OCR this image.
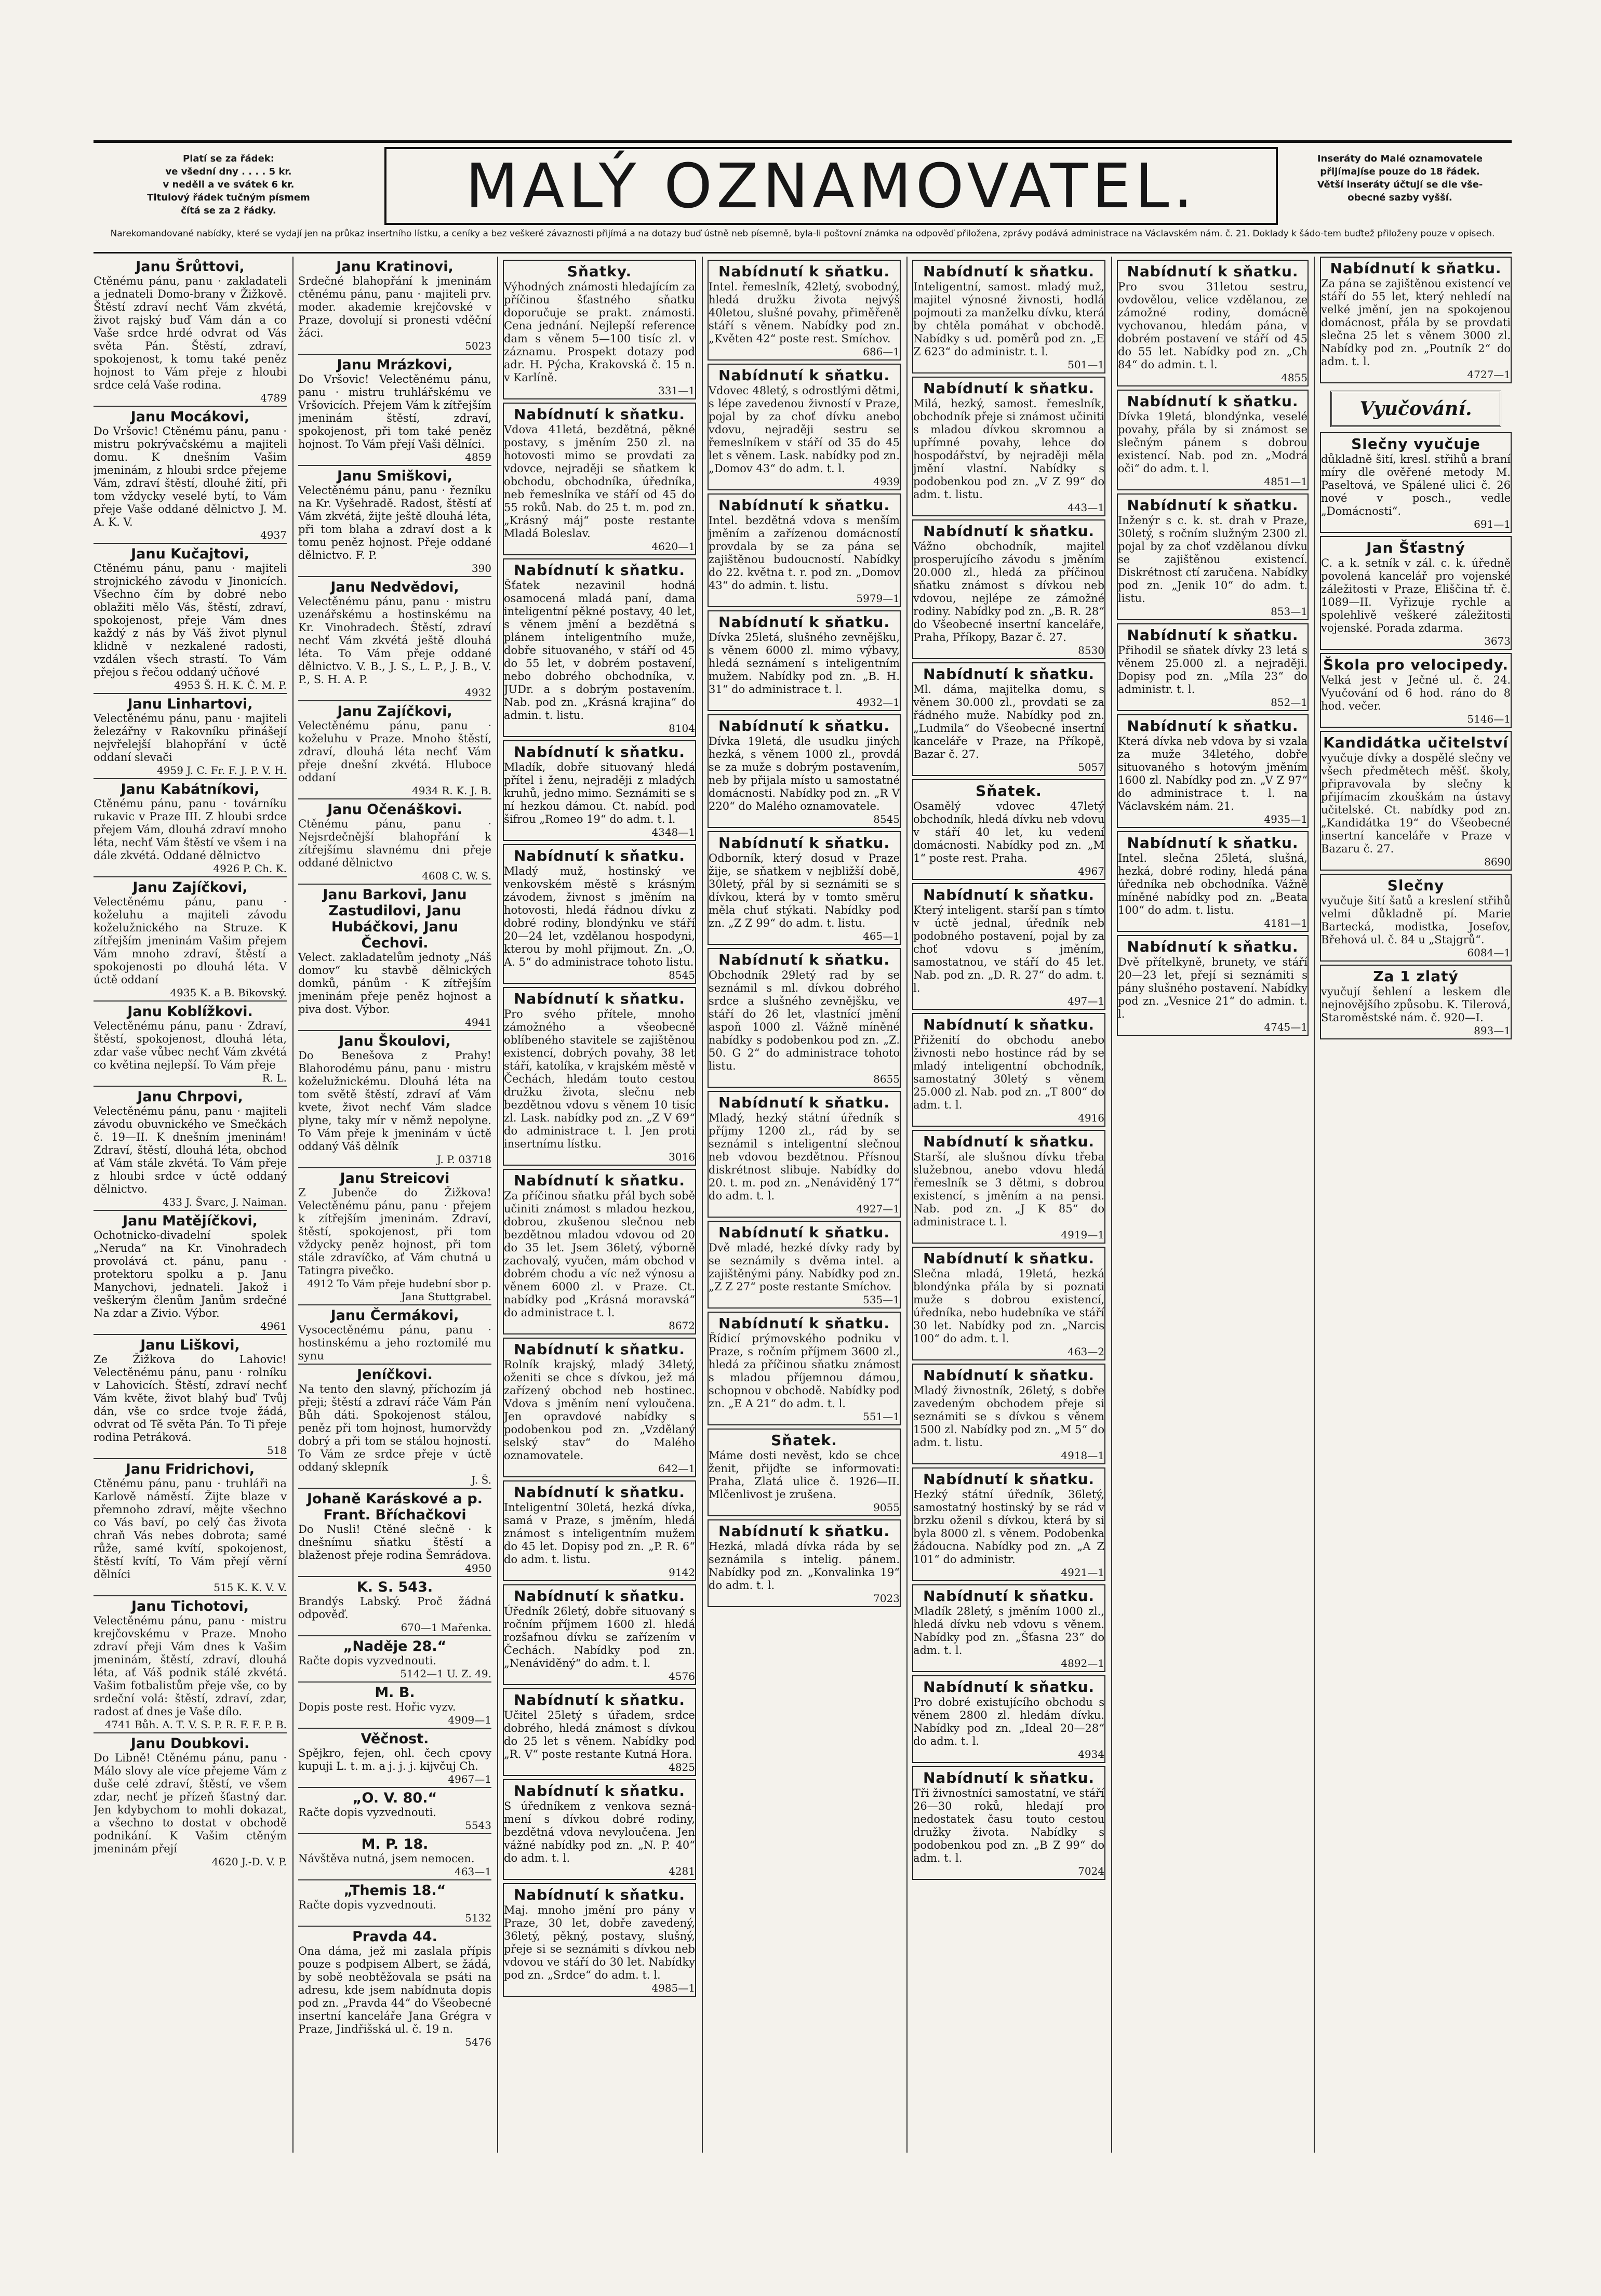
Platí se za řádek:
ve všední dny . . . . 5 kr.
v neděli a ve svátek 6 kr.
Titulový řádek tučným písmem
čítá se za 2 řádky.	MALÝ OZNAMOVATEL.	Inseráty do Malé oznamovatele
přijímajíse pouze do 18 řádek.
Větší inseráty účtují se dle vše-
obecné sazby vyšší.
Narekomandované nabídky, které se vydají jen na průkaz insertního lístku, a ceníky a bez veškeré závaznosti přijímá a na dotazy buď ústně neb písemně, byla-li poštovní známka na odpověď přiložena, zprávy podává administrace na Václavském nám. č. 21. Doklady k šádo-tem buďtež přiloženy pouze v opisech.
Janu Šrůttovi,
Ctěnému pánu, panu · zakladateli a jednateli Domo-brany v Žižkově. Štěstí zdraví nechť Vám zkvétá, život rajský buď Vám dán a co Vaše srdce hrdé odvrat od Vás světa Pán. Štěstí, zdraví, spokojenost, k tomu také peněz hojnost to Vám přeje z hloubi srdce celá Vaše rodina.
4789
Janu Mocákovi,
Do Vršovic! Ctěnému pánu, panu · mistru pokrývačskému a majiteli domu. K dnešním Vašim jmeninám, z hloubi srdce přejeme Vám, zdraví štěstí, dlouhé žití, při tom vždycky veselé bytí, to Vám přeje Vaše oddané dělnictvo J. M. A. K. V.
4937
Janu Kučajtovi,
Ctěnému pánu, panu · majiteli strojnického závodu v Jinonicích. Všechno čím by dobré nebo oblažiti mělo Vás, štěstí, zdraví, spokojenost, přeje Vám dnes každý z nás by Váš život plynul klidně v nezkalené radosti, vzdálen všech strastí. To Vám přejou s řečou oddaný učňové
4953 Š. H. K. Č. M. P.
Janu Linhartovi,
Velectěnému pánu, panu · majiteli železářny v Rakovníku přinášejí nejvřelejší blahopřání v úctě oddaní slevači
4959 J. C. Fr. F. J. P. V. H.
Janu Kabátníkovi,
Ctěnému pánu, panu · továrníku rukavic v Praze III. Z hloubi srdce přejem Vám, dlouhá zdraví mnoho léta, nechť Vám štěstí ve všem i na dále zkvétá. Oddané dělnictvo
4926 P. Ch. K.
Janu Zajíčkovi,
Velectěnému pánu, panu · koželuhu a majiteli závodu koželužnického na Struze. K zítřejším jmeninám Vašim přejem Vám mnoho zdraví, štěstí a spokojenosti po dlouhá léta. V úctě oddaní
4935 K. a B. Bikovský.
Janu Koblížkovi.
Velectěnému pánu, panu · Zdraví, štěstí, spokojenost, dlouhá léta, zdar vaše vůbec nechť Vám zkvétá co květina nejlepší. To Vám přeje
R. L.
Janu Chrpovi,
Velectěnému pánu, panu · majiteli závodu obuvnického ve Smečkách č. 19—II. K dnešním jmeninám! Zdraví, štěstí, dlouhá léta, obchod ať Vám stále zkvétá. To Vám přeje z hloubi srdce v úctě oddaný dělnictvo.
433 J. Švarc, J. Naiman.
Janu Matějíčkovi,
Ochotnicko-divadelní spolek „Neruda“ na Kr. Vinohradech provolává ct. pánu, panu · protektoru spolku a p. Janu Manychovi, jednateli. Jakož i veškerým členům Janům srdečné Na zdar a Zivio. Výbor.
4961
Janu Liškovi,
Ze Žižkova do Lahovic! Velectěnému pánu, panu · rolníku v Lahovicích. Štěstí, zdraví nechť Vám květe, život blahý buď Tvůj dán, vše co srdce tvoje žádá, odvrat od Tě světa Pán. To Ti přeje rodina Petráková.
518
Janu Fridrichovi,
Ctěnému pánu, panu · truhláři na Karlově náměstí. Žijte blaze v přemnoho zdraví, mějte všechno co Vás baví, po celý čas života chraň Vás nebes dobrota; samé růže, samé kvítí, spokojenost, štěstí kvítí, To Vám přejí věrní dělníci
515 K. K. V. V.
Janu Tichotovi,
Velectěnému pánu, panu · mistru krejčovskému v Praze. Mnoho zdraví přeji Vám dnes k Vašim jmeninám, štěstí, zdraví, dlouhá léta, ať Váš podnik stálé zkvétá. Vašim fotbalistům přeje vše, co by srdeční volá: štěstí, zdraví, zdar, radost ať dnes je Vaše dílo.
4741 Bůh. A. T. V. S. P. R. F. F. P. B.
Janu Doubkovi.
Do Libně! Ctěnému pánu, panu · Málo slovy ale více přejeme Vám z duše celé zdraví, štěstí, ve všem zdar, nechť je přízeň šťastný dar. Jen kdybychom to mohli dokazat, a všechno to dostat v obchodě podnikání. K Vašim ctěným jmeninám přejí
4620 J.-D. V. P.
Janu Kratinovi,
Srdečné blahopřání k jmeninám ctěnému pánu, panu · majiteli prv. moder. akademie krejčovské v Praze, dovolují si pronesti vděční žáci.
5023
Janu Mrázkovi,
Do Vršovic! Velectěnému pánu, panu · mistru truhlářskému ve Vršovicích. Přejem Vám k zítřejším jmeninám štěstí, zdraví, spokojenost, při tom také peněz hojnost. To Vám přejí Vaši dělníci.
4859
Janu Smiškovi,
Velectěnému pánu, panu · řezníku na Kr. Vyšehradě. Radost, štěstí ať Vám zkvétá, žijte ještě dlouhá léta, při tom blaha a zdraví dost a k tomu peněz hojnost. Přeje oddané dělnictvo. F. P.
390
Janu Nedvědovi,
Velectěnému pánu, panu · mistru uzenářskému a hostinskému na Kr. Vinohradech. Štěstí, zdraví nechť Vám zkvétá ještě dlouhá léta. To Vám přeje oddané dělnictvo. V. B., J. S., L. P., J. B., V. P., S. H. A. P.
4932
Janu Zajíčkovi,
Velectěnému pánu, panu · koželuhu v Praze. Mnoho štěstí, zdraví, dlouhá léta nechť Vám přeje dnešní zkvétá. Hluboce oddaní
4934 R. K. J. B.
Janu Očenáškovi.
Ctěnému pánu, panu · Nejsrdečnější blahopřání k zítřejšímu slavnému dni přeje oddané dělnictvo
4608 C. W. S.
Janu Barkovi, Janu Zastudilovi, Janu Hubáčkovi, Janu Čechovi.
Velect. zakladatelům jednoty „Náš domov“ ku stavbě dělnických domků, pánům · K zítřejším jmeninám přeje peněz hojnost a piva dost. Výbor.
4941
Janu Škoulovi,
Do Benešova z Prahy! Blahorodému pánu, panu · mistru koželužnickému. Dlouhá léta na tom světě štěstí, zdraví ať Vám kvete, život nechť Vám sladce plyne, taky mír v němž nepolyne. To Vám přeje k jmeninám v úctě oddaný Váš dělník
J. P. 03718
Janu Streicovi
Z Jubenče do Žižkova! Velectěnému pánu, panu · přejem k zítřejším jmeninám. Zdraví, štěstí, spokojenost, při tom vždycky peněz hojnost, při tom stále zdravíčko, ať Vám chutná u Tatingra pivečko.
4912 To Vám přeje hudební sbor p. Jana Stuttgrabel.
Janu Čermákovi,
Vysocectěnému pánu, panu · hostinskému a jeho roztomilé mu synu
Jeníčkovi.
Na tento den slavný, příchozím já přeji; štěstí a zdraví ráče Vám Pán Bůh dáti. Spokojenost stálou, peněz při tom hojnost, humorvždy dobrý a při tom se stálou hojností. To Vám ze srdce přeje v úctě oddaný sklepník
J. Š.
Johaně Karáskové a p. Frant. Bříchačkovi
Do Nusli! Ctěné slečně · k dnešnímu sňatku štěstí a blaženost přeje rodina Šemrádova.
4950
K. S. 543.
Brandýs Labský. Proč žádná odpověď.
670—1 Mařenka.
„Naděje 28.“
Račte dopis vyzvednouti.
5142—1 U. Z. 49.
M. B.
Dopis poste rest. Hořic vyzv.
4909—1
Věčnost.
Spějkro, fejen, ohl. čech cpovy kupuji L. t. m. a j. j. j. kijvčuj Ch.
4967—1
„O. V. 80.“
Račte dopis vyzvednouti.
5543
M. P. 18.
Návštěva nutná, jsem nemocen.
463—1
„Themis 18.“
Račte dopis vyzvednouti.
5132
Pravda 44.
Ona dáma, jež mi zaslala přípis pouze s podpisem Albert, se žádá, by sobě neobtěžovala se psáti na adresu, kde jsem nabídnuta dopis pod zn. „Pravda 44“ do Všeobecné insertní kanceláře Jana Grégra v Praze, Jindřišská ul. č. 19 n.
5476
Sňatky.
Výhodných známosti hledajícím za příčinou šťastného sňatku doporučuje se prakt. známosti. Cena jednání. Nejlepší reference dam s věnem 5—100 tisíc zl. v záznamu. Prospekt dotazy pod adr. H. Pýcha, Krakovská č. 15 n. v Karlíně.
331—1
Nabídnutí k sňatku.
Vdova 41letá, bezdětná, pěkné postavy, s jměním 250 zl. na hotovosti mimo se provdati za vdovce, nejraději se sňatkem k obchodu, obchodníka, úředníka, neb řemeslníka ve stáří od 45 do 55 roků. Nab. do 25 t. m. pod zn. „Krásný máj“ poste restante Mladá Boleslav.
4620—1
Nabídnutí k sňatku.
Šťatek nezavinil hodná osamocená mladá paní, dama inteligentní pěkné postavy, 40 let, s věnem jmění a bezdětná s plánem inteligentního muže, dobře situovaného, v stáří od 45 do 55 let, v dobrém postavení, nebo dobrého obchodníka, v. JUDr. a s dobrým postavením. Nab. pod zn. „Krásná krajina“ do admin. t. listu.
8104
Nabídnutí k sňatku.
Mladík, dobře situovaný hledá přítel i ženu, nejraději z mladých kruhů, jedno mimo. Seznámiti se s ní hezkou dámou. Ct. nabíd. pod šifrou „Romeo 19“ do adm. t. l.
4348—1
Nabídnutí k sňatku.
Mladý muž, hostinský ve venkovském městě s krásným závodem, živnost s jměním na hotovosti, hledá řádnou dívku z dobré rodiny, blondýnku ve stáří 20—24 let, vzdělanou hospodyni, kterou by mohl přijmout. Zn. „O. A. 5“ do administrace tohoto listu.
8545
Nabídnutí k sňatku.
Pro svého přítele, mnoho zámožného a všeobecně oblíbeného stavitele se zajištěnou existencí, dobrých povahy, 38 let stáří, katolíka, v krajském městě v Čechách, hledám touto cestou družku života, slečnu neb bezdětnou vdovu s věnem 10 tisíc zl. Lask. nabídky pod zn. „Z V 69“ do administrace t. l. Jen proti insertnímu lístku.
3016
Nabídnutí k sňatku.
Za příčinou sňatku přál bych sobě učiniti známost s mladou hezkou, dobrou, zkušenou slečnou neb bezdětnou mladou vdovou od 20 do 35 let. Jsem 36letý, výborně zachovalý, vyučen, mám obchod v dobrém chodu a víc než výnosu a věnem 6000 zl. v Praze. Ct. nabídky pod „Krásná moravská“ do administrace t. l.
8672
Nabídnutí k sňatku.
Rolník krajský, mladý 34letý, oženiti se chce s dívkou, jež má zařízený obchod neb hostinec. Vdova s jměním není vyloučena. Jen opravdové nabídky s podobenkou pod zn. „Vzdělaný selský stav“ do Malého oznamovatele.
642—1
Nabídnutí k sňatku.
Inteligentní 30letá, hezká dívka, samá v Praze, s jměním, hledá známost s inteligentním mužem do 45 let. Dopisy pod zn. „P. R. 6“ do adm. t. listu.
9142
Nabídnutí k sňatku.
Úředník 26letý, dobře situovaný s ročním příjmem 1600 zl. hledá rozšafnou dívku se zařízením v Čechách. Nabídky pod zn. „Nenáviděný“ do adm. t. l.
4576
Nabídnutí k sňatku.
Učitel 25letý s úřadem, srdce dobrého, hledá známost s dívkou do 25 let s věnem. Nabídky pod „R. V“ poste restante Kutná Hora.
4825
Nabídnutí k sňatku.
S úředníkem z venkova sezná-mení s dívkou dobré rodiny, bezdětná vdova nevyloučena. Jen vážné nabídky pod zn. „N. P. 40“ do adm. t. l.
4281
Nabídnutí k sňatku.
Maj. mnoho jmění pro pány v Praze, 30 let, dobře zavedený, 36letý, pěkný, postavy, slušný, přeje si se seznámiti s dívkou neb vdovou ve stáří do 30 let. Nabídky pod zn. „Srdce“ do adm. t. l.
4985—1
Nabídnutí k sňatku.
Intel. řemeslník, 42letý, svobodný, hledá družku života nejvýš 40letou, slušné povahy, přiměřeně stáří s věnem. Nabídky pod zn. „Květen 42“ poste rest. Smíchov.
686—1
Nabídnutí k sňatku.
Vdovec 48letý, s odrostlými dětmi, s lépe zavedenou živností v Praze, pojal by za choť dívku anebo vdovu, nejraději sestru se řemeslníkem v stáří od 35 do 45 let s věnem. Lask. nabídky pod zn. „Domov 43“ do adm. t. l.
4939
Nabídnutí k sňatku.
Intel. bezdětná vdova s menším jměním a zařízenou domácností provdala by se za pána se zajištěnou budoucností. Nabídky do 22. května t. r. pod zn. „Domov 43“ do admin. t. listu.
5979—1
Nabídnutí k sňatku.
Dívka 25letá, slušného zevnějšku, s věnem 6000 zl. mimo výbavy, hledá seznámení s inteligentním mužem. Nabídky pod zn. „B. H. 31“ do administrace t. l.
4932—1
Nabídnutí k sňatku.
Dívka 19letá, dle usudku jiných hezká, s věnem 1000 zl., provdá se za muže s dobrým postavením, neb by přijala místo u samostatné domácnosti. Nabídky pod zn. „R V 220“ do Malého oznamovatele.
8545
Nabídnutí k sňatku.
Odborník, který dosud v Praze žije, se sňatkem v nejbližší době, 30letý, přál by si seznámiti se s dívkou, která by v tomto směru měla chuť stýkati. Nabídky pod zn. „Z Z 99“ do adm. t. listu.
465—1
Nabídnutí k sňatku.
Obchodník 29letý rad by se seznámil s ml. dívkou dobrého srdce a slušného zevnějšku, ve stáří do 26 let, vlastnící jmění aspoň 1000 zl. Vážně míněné nabídky s podobenkou pod zn. „Z. 50. G 2“ do administrace tohoto listu.
8655
Nabídnutí k sňatku.
Mladý, hezký státní úředník s příjmy 1200 zl., rád by se seznámil s inteligentní slečnou neb vdovou bezdětnou. Přísnou diskrétnost slibuje. Nabídky do 20. t. m. pod zn. „Nenáviděný 17“ do adm. t. l.
4927—1
Nabídnutí k sňatku.
Dvě mladé, hezké dívky rady by se seznámily s dvěma intel. a zajištěnými pány. Nabídky pod zn. „Z Z 27“ poste restante Smíchov.
535—1
Nabídnutí k sňatku.
Řídicí prýmovského podniku v Praze, s ročním příjmem 3600 zl., hledá za příčinou sňatku známost s mladou příjemnou dámou, schopnou v obchodě. Nabídky pod zn. „E A 21“ do adm. t. l.
551—1
Sňatek.
Máme dosti nevěst, kdo se chce ženit, přijďte se informovati: Praha, Zlatá ulice č. 1926—II. Mlčenlivost je zrušena.
9055
Nabídnutí k sňatku.
Hezká, mladá dívka ráda by se seznámila s intelig. pánem. Nabídky pod zn. „Konvalinka 19“ do adm. t. l.
7023
Nabídnutí k sňatku.
Inteligentní, samost. mladý muž, majitel výnosné živnosti, hodlá pojmouti za manželku dívku, která by chtěla pomáhat v obchodě. Nabídky s ud. poměrů pod zn. „E Z 623“ do administr. t. l.
501—1
Nabídnutí k sňatku.
Milá, hezký, samost. řemeslník, obchodník přeje si známost učiniti s mladou dívkou skromnou a upřímné povahy, lehce do hospodářství, by nejraději měla jmění vlastní. Nabídky s podobenkou pod zn. „V Z 99“ do adm. t. listu.
443—1
Nabídnutí k sňatku.
Vážno obchodník, majitel prosperujícího závodu s jměním 20.000 zl., hledá za příčinou sňatku známost s dívkou neb vdovou, nejlépe ze zámožné rodiny. Nabídky pod zn. „B. R. 28“ do Všeobecné insertní kanceláře, Praha, Příkopy, Bazar č. 27.
8530
Nabídnutí k sňatku.
Ml. dáma, majitelka domu, s věnem 30.000 zl., provdati se za řádného muže. Nabídky pod zn. „Ludmila“ do Všeobecné insertní kanceláře v Praze, na Příkopě, Bazar č. 27.
5057
Sňatek.
Osamělý vdovec 47letý obchodník, hledá dívku neb vdovu v stáří 40 let, ku vedení domácnosti. Nabídky pod zn. „M 1“ poste rest. Praha.
4967
Nabídnutí k sňatku.
Který inteligent. starší pan s tímto v úctě jednal, úředník neb podobného postavení, pojal by za choť vdovu s jměním, samostatnou, ve stáří do 45 let. Nab. pod zn. „D. R. 27“ do adm. t. l.
497—1
Nabídnutí k sňatku.
Přiženití do obchodu anebo živnosti nebo hostince rád by se mladý inteligentní obchodník, samostatný 30letý s věnem 25.000 zl. Nab. pod zn. „T 800“ do adm. t. l.
4916
Nabídnutí k sňatku.
Starší, ale slušnou dívku třeba služebnou, anebo vdovu hledá řemeslník se 3 dětmi, s dobrou existencí, s jměním a na pensi. Nab. pod zn. „J K 85“ do administrace t. l.
4919—1
Nabídnutí k sňatku.
Slečna mladá, 19letá, hezká blondýnka přála by si poznati muže s dobrou existencí, úředníka, nebo hudebníka ve stáří 30 let. Nabídky pod zn. „Narcis 100“ do adm. t. l.
463—2
Nabídnutí k sňatku.
Mladý živnostník, 26letý, s dobře zavedeným obchodem přeje si seznámiti se s dívkou s věnem 1500 zl. Nabídky pod zn. „M 5“ do adm. t. listu.
4918—1
Nabídnutí k sňatku.
Hezký státní úředník, 36letý, samostatný hostinský by se rád v brzku oženil s dívkou, která by si byla 8000 zl. s věnem. Podobenka žádoucna. Nabídky pod zn. „A Z 101“ do administr.
4921—1
Nabídnutí k sňatku.
Mladík 28letý, s jměním 1000 zl., hledá dívku neb vdovu s věnem. Nabídky pod zn. „Šťasna 23“ do adm. t. l.
4892—1
Nabídnutí k sňatku.
Pro dobré existujícího obchodu s věnem 2800 zl. hledám dívku. Nabídky pod zn. „Ideal 20—28“ do adm. t. l.
4934
Nabídnutí k sňatku.
Tři živnostníci samostatní, ve stáří 26—30 roků, hledají pro nedostatek času touto cestou družky života. Nabídky s podobenkou pod zn. „B Z 99“ do adm. t. l.
7024
Nabídnutí k sňatku.
Pro svou 31letou sestru, ovdovělou, velice vzdělanou, ze zámožné rodiny, domácně vychovanou, hledám pána, v dobrém postavení ve stáří od 45 do 55 let. Nabídky pod zn. „Ch 84“ do admin. t. l.
4855
Nabídnutí k sňatku.
Dívka 19letá, blondýnka, veselé povahy, přála by si známost se slečným pánem s dobrou existencí. Nab. pod zn. „Modrá oči“ do adm. t. l.
4851—1
Nabídnutí k sňatku.
Inženýr s c. k. st. drah v Praze, 30letý, s ročním služným 2300 zl. pojal by za choť vzdělanou dívku se zajištěnou existencí. Diskrétnost ctí zaručena. Nabídky pod zn. „Jenik 10“ do adm. t. listu.
853—1
Nabídnutí k sňatku.
Přihodil se sňatek dívky 23 letá s věnem 25.000 zl. a nejraději. Dopisy pod zn. „Míla 23“ do administr. t. l.
852—1
Nabídnutí k sňatku.
Která dívka neb vdova by si vzala za muže 34letého, dobře situovaného s hotovým jměním 1600 zl. Nabídky pod zn. „V Z 97“ do administrace t. l. na Václavském nám. 21.
4935—1
Nabídnutí k sňatku.
Intel. slečna 25letá, slušná, hezká, dobré rodiny, hledá pána úředníka neb obchodníka. Vážně míněné nabídky pod zn. „Beata 100“ do adm. t. listu.
4181—1
Nabídnutí k sňatku.
Dvě přítelkyně, brunety, ve stáří 20—23 let, přejí si seznámiti s pány slušného postavení. Nabídky pod zn. „Vesnice 21“ do admin. t. l.
4745—1
Nabídnutí k sňatku.
Za pána se zajištěnou existencí ve stáří do 55 let, který nehledí na velké jmění, jen na spokojenou domácnost, přála by se provdati slečna 25 let s věnem 3000 zl. Nabídky pod zn. „Poutník 2“ do adm. t. l.
4727—1
Vyučování.
Slečny vyučuje
důkladně šití, kresl. střihů a braní míry dle ověřené metody M. Paseltová, ve Spálené ulici č. 26 nové v posch., vedle „Domácnosti“.
691—1
Jan Šťastný
C. a k. setník v zál. c. k. úředně povolená kancelář pro vojenské záležitosti v Praze, Eliščina tř. č. 1089—II. Vyřizuje rychle a spolehlivě veškeré záležitosti vojenské. Porada zdarma.
3673
Škola pro velocipedy.
Velká jest v Ječné ul. č. 24. Vyučování od 6 hod. ráno do 8 hod. večer.
5146—1
Kandidátka učitelství
vyučuje dívky a dospělé slečny ve všech předmětech měšť. školy, připravovala by slečny k přijímacím zkouškám na ústavy učitelské. Ct. nabídky pod zn. „Kandidátka 19“ do Všeobecné insertní kanceláře v Praze v Bazaru č. 27.
8690
Slečny
vyučuje šití šatů a kreslení střihů velmi důkladně pí. Marie Bartecká, modistka, Josefov, Břehová ul. č. 84 u „Stajgrů“.
6084—1
Za 1 zlatý
vyučují šehlení a leskem dle nejnovějšího způsobu. K. Tilerová, Staroměstské nám. č. 920—I.
893—1
